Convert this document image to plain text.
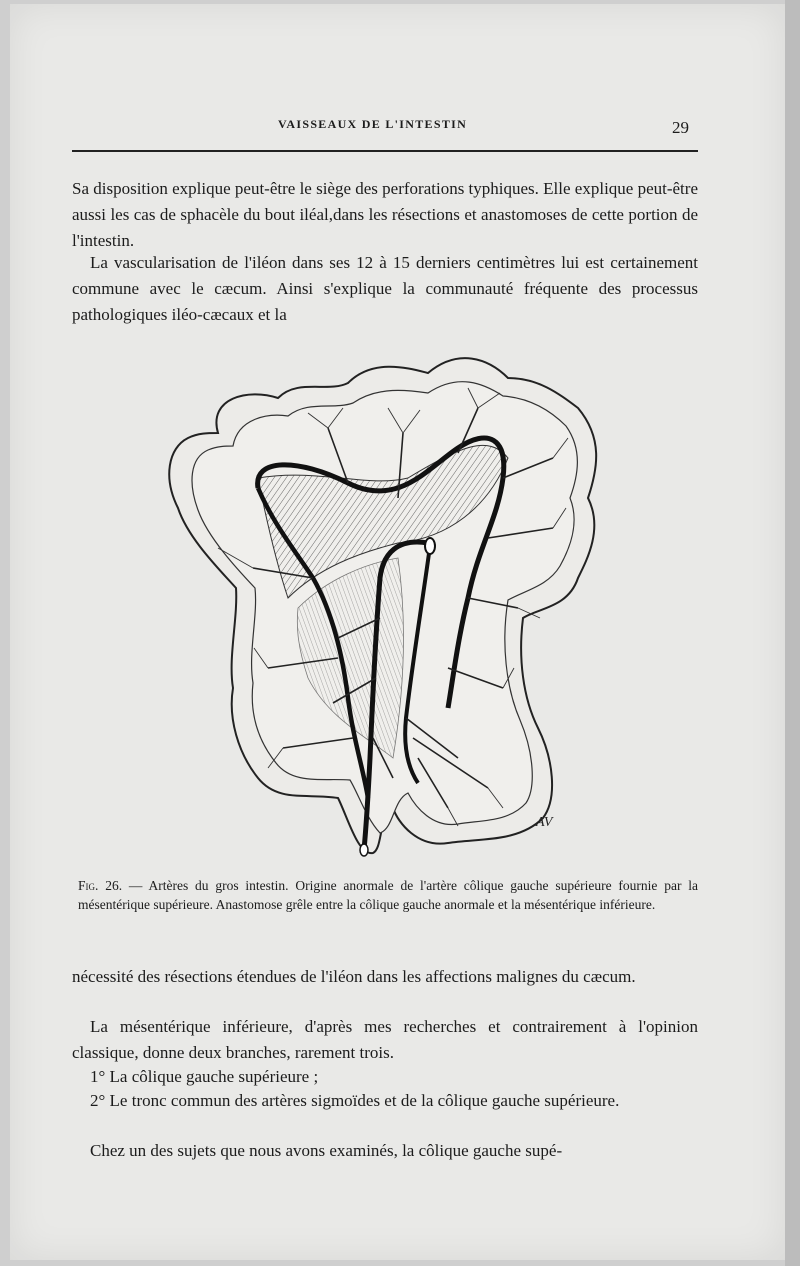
VAISSEAUX DE L'INTESTIN	29

Sa disposition explique peut-être le siège des perforations typhiques. Elle explique peut-être aussi les cas de sphacèle du bout iléal,dans les résections et anastomoses de cette portion de l'intestin.

La vascularisation de l'iléon dans ses 12 à 15 derniers centimètres lui est certainement commune avec le cæcum. Ainsi s'explique la communauté fréquente des processus pathologiques iléo-cæcaux et la

AV

Fig. 26. — Artères du gros intestin. Origine anormale de l'artère côlique gauche supérieure fournie par la mésentérique supérieure. Anastomose grêle entre la côlique gauche anormale et la mésentérique inférieure.

nécessité des résections étendues de l'iléon dans les affections malignes du cæcum.

La mésentérique inférieure, d'après mes recherches et contrairement à l'opinion classique, donne deux branches, rarement trois.

1° La côlique gauche supérieure ;

2° Le tronc commun des artères sigmoïdes et de la côlique gauche supérieure.

Chez un des sujets que nous avons examinés, la côlique gauche supé-
